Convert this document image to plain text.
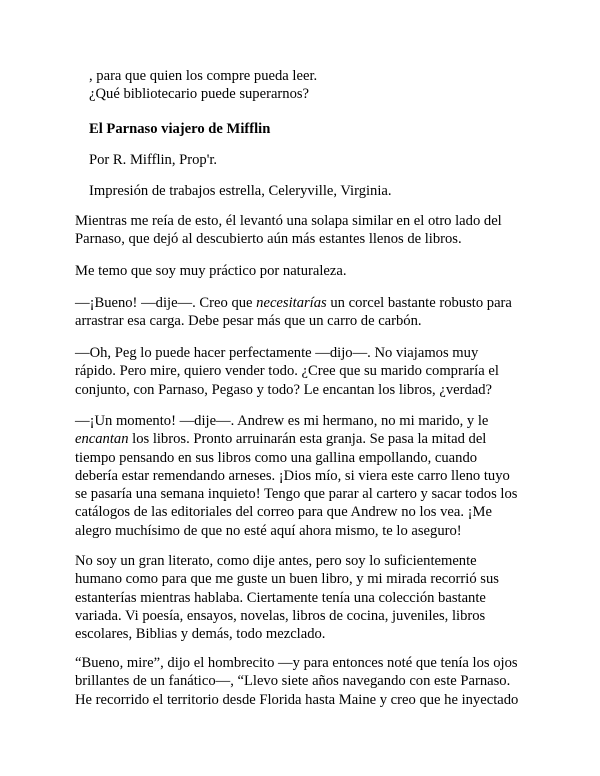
, para que quien los compre pueda leer.
¿Qué bibliotecario puede superarnos?
El Parnaso viajero de Mifflin
Por R. Mifflin, Prop'r.
Impresión de trabajos estrella, Celeryville, Virginia.
Mientras me reía de esto, él levantó una solapa similar en el otro lado del
Parnaso, que dejó al descubierto aún más estantes llenos de libros.
Me temo que soy muy práctico por naturaleza.
—¡Bueno! —dije—. Creo que necesitarías un corcel bastante robusto para
arrastrar esa carga. Debe pesar más que un carro de carbón.
—Oh, Peg lo puede hacer perfectamente —dijo—. No viajamos muy
rápido. Pero mire, quiero vender todo. ¿Cree que su marido compraría el
conjunto, con Parnaso, Pegaso y todo? Le encantan los libros, ¿verdad?
—¡Un momento! —dije—. Andrew es mi hermano, no mi marido, y le
encantan los libros. Pronto arruinarán esta granja. Se pasa la mitad del
tiempo pensando en sus libros como una gallina empollando, cuando
debería estar remendando arneses. ¡Dios mío, si viera este carro lleno tuyo
se pasaría una semana inquieto! Tengo que parar al cartero y sacar todos los
catálogos de las editoriales del correo para que Andrew no los vea. ¡Me
alegro muchísimo de que no esté aquí ahora mismo, te lo aseguro!
No soy un gran literato, como dije antes, pero soy lo suficientemente
humano como para que me guste un buen libro, y mi mirada recorrió sus
estanterías mientras hablaba. Ciertamente tenía una colección bastante
variada. Vi poesía, ensayos, novelas, libros de cocina, juveniles, libros
escolares, Biblias y demás, todo mezclado.
“Bueno, mire”, dijo el hombrecito —y para entonces noté que tenía los ojos
brillantes de un fanático—, “Llevo siete años navegando con este Parnaso.
He recorrido el territorio desde Florida hasta Maine y creo que he inyectado
